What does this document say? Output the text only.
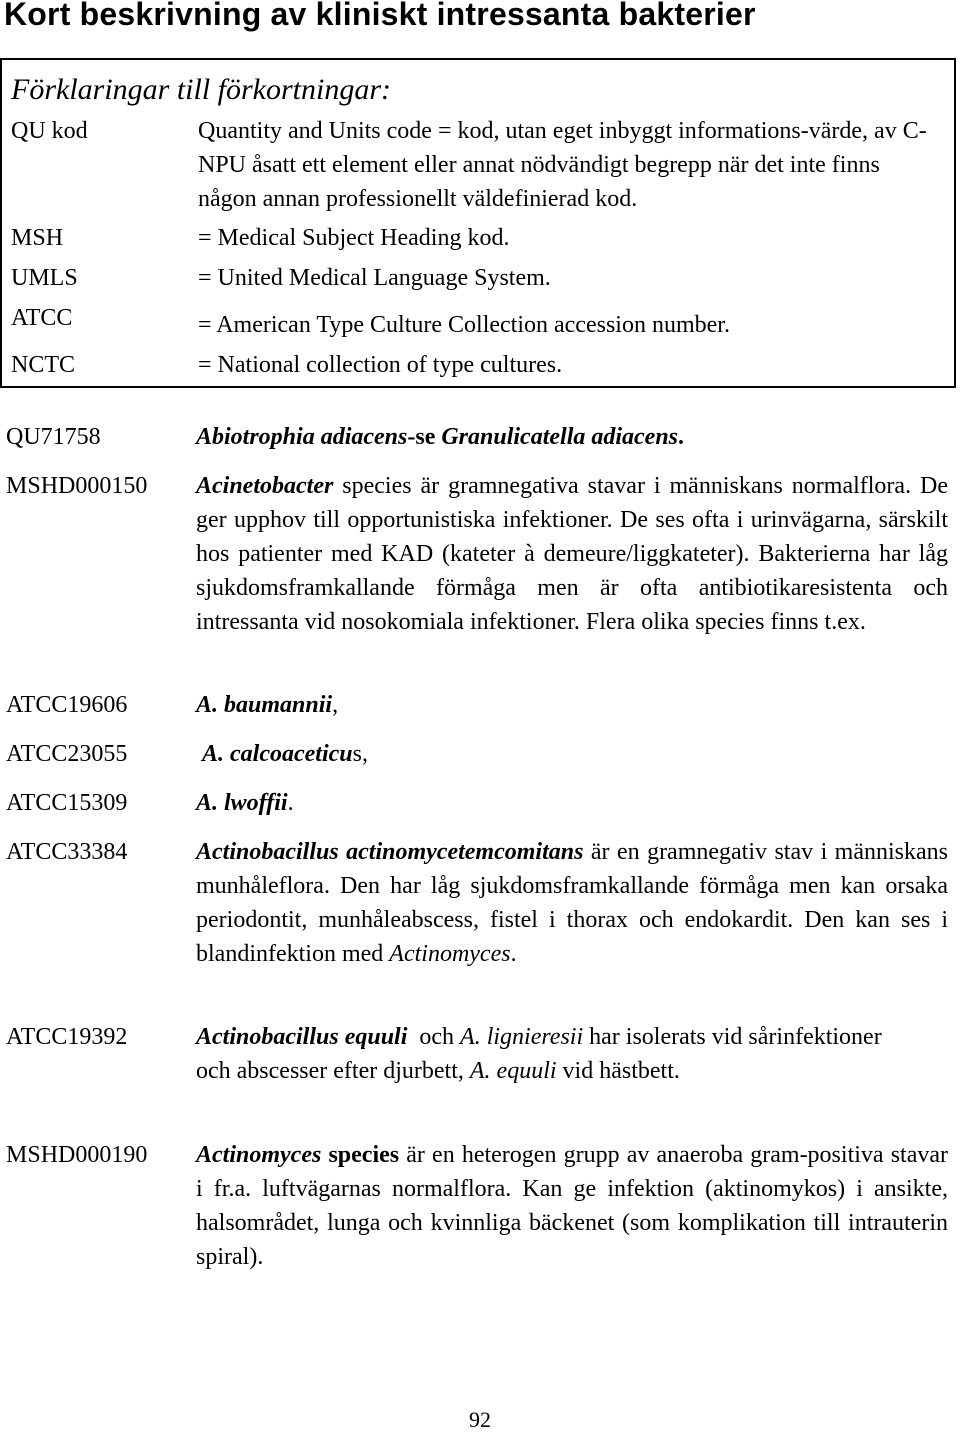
Kort beskrivning av kliniskt intressanta bakterier
Förklaringar till förkortningar:
QU kod	Quantity and Units code = kod, utan eget inbyggt informations-värde, av C-NPU åsatt ett element eller annat nödvändigt begrepp när det inte finns någon annan professionellt väldefinierad kod.
MSH	= Medical Subject Heading kod.
UMLS	= United Medical Language System.
ATCC	= American Type Culture Collection accession number.
NCTC	= National collection of type cultures.
QU71758	Abiotrophia adiacens-se Granulicatella adiacens.
MSHD000150 Acinetobacter species är gramnegativa stavar i människans normalflora. De ger upphov till opportunistiska infektioner. De ses ofta i urinvägarna, särskilt hos patienter med KAD (kateter à demeure/liggkateter). Bakterierna har låg sjukdomsframkallande förmåga men är ofta antibiotikaresistenta och intressanta vid nosokomiala infektioner. Flera olika species finns t.ex.
ATCC19606	A. baumannii,
ATCC23055	A. calcoaceticus,
ATCC15309	A. lwoffii.
ATCC33384	Actinobacillus actinomycetemcomitans är en gramnegativ stav i människans munhåleflora. Den har låg sjukdomsframkallande förmåga men kan orsaka periodontit, munhåleabscess, fistel i thorax och endokardit. Den kan ses i blandinfektion med Actinomyces.
ATCC19392	Actinobacillus equuli  och A. lignieresii har isolerats vid sårinfektioner och abscesser efter djurbett, A. equuli vid hästbett.
MSHD000190 Actinomyces species är en heterogen grupp av anaeroba gram-positiva stavar i fr.a. luftvägarnas normalflora. Kan ge infektion (aktinomykos) i ansikte, halsområdet, lunga och kvinnliga bäckenet (som komplikation till intrauterin spiral).
92
